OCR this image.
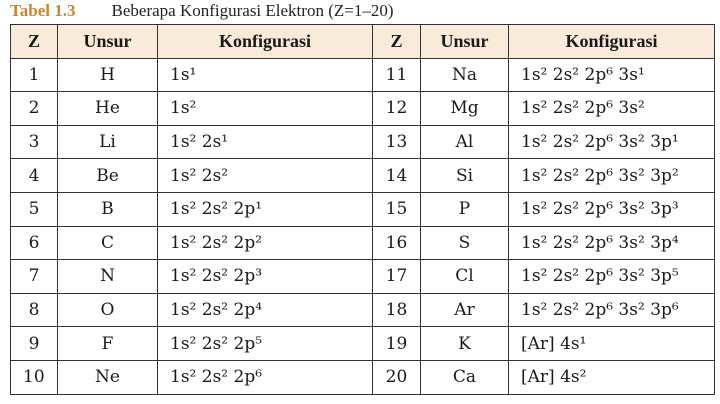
Tabel 1.3 Beberapa Konfigurasi Elektron (Z=1–20)
Z	Unsur	Konfigurasi	Z	Unsur	Konfigurasi
1	H	1s¹	11	Na	1s² 2s² 2p⁶ 3s¹
2	He	1s²	12	Mg	1s² 2s² 2p⁶ 3s²
3	Li	1s² 2s¹	13	Al	1s² 2s² 2p⁶ 3s² 3p¹
4	Be	1s² 2s²	14	Si	1s² 2s² 2p⁶ 3s² 3p²
5	B	1s² 2s² 2p¹	15	P	1s² 2s² 2p⁶ 3s² 3p³
6	C	1s² 2s² 2p²	16	S	1s² 2s² 2p⁶ 3s² 3p⁴
7	N	1s² 2s² 2p³	17	Cl	1s² 2s² 2p⁶ 3s² 3p⁵
8	O	1s² 2s² 2p⁴	18	Ar	1s² 2s² 2p⁶ 3s² 3p⁶
9	F	1s² 2s² 2p⁵	19	K	[Ar] 4s¹
10	Ne	1s² 2s² 2p⁶	20	Ca	[Ar] 4s²
